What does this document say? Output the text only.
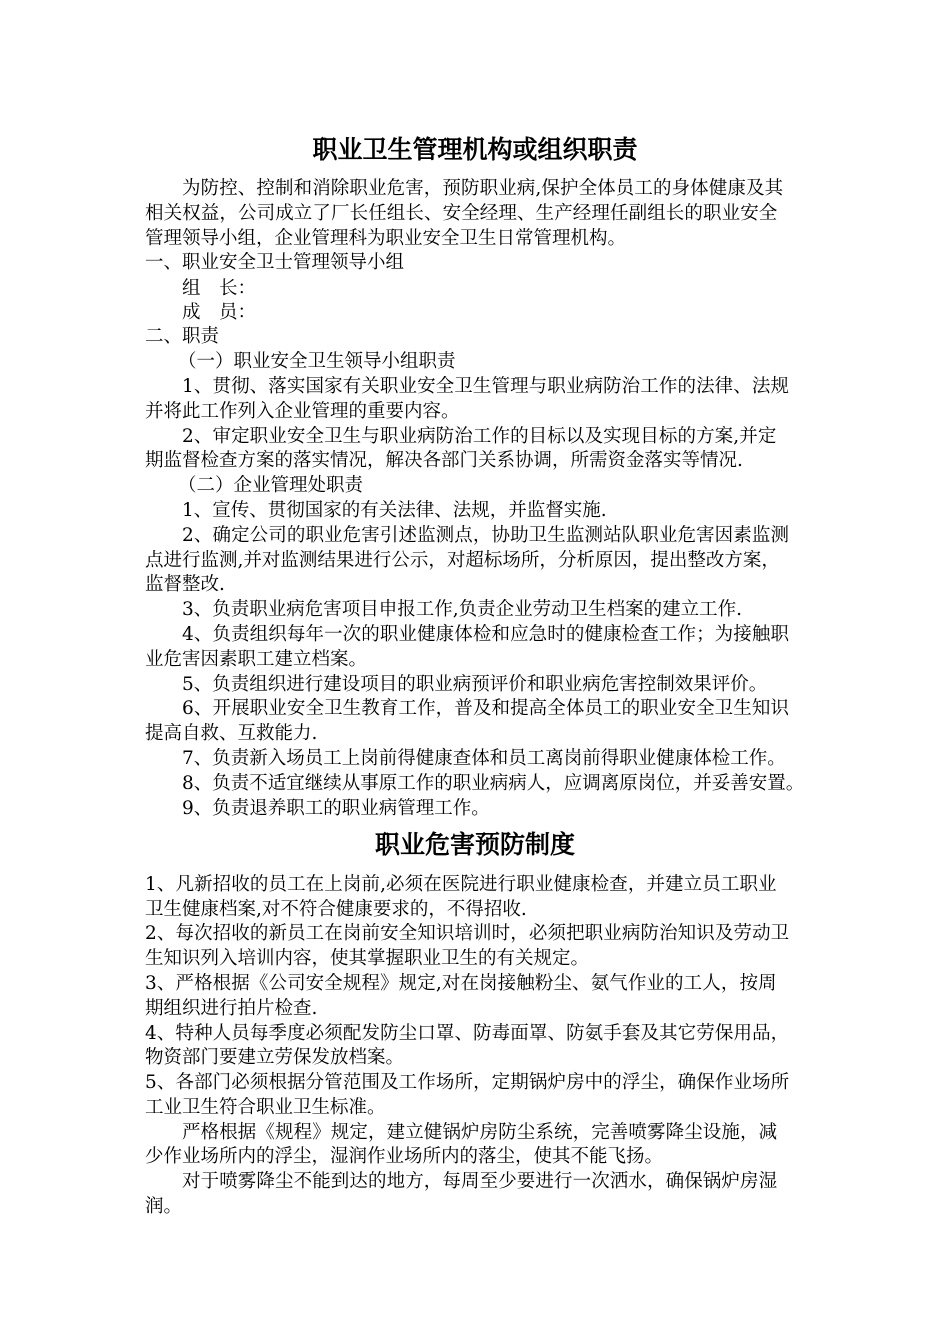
职业卫生管理机构或组织职责
为防控、控制和消除职业危害，预防职业病,保护全体员工的身体健康及其
相关权益，公司成立了厂长任组长、安全经理、生产经理任副组长的职业安全
管理领导小组，企业管理科为职业安全卫生日常管理机构。
一、职业安全卫士管理领导小组
组　长：
成　员：
二、职责
（一）职业安全卫生领导小组职责
1、贯彻、落实国家有关职业安全卫生管理与职业病防治工作的法律、法规
并将此工作列入企业管理的重要内容。
2、审定职业安全卫生与职业病防治工作的目标以及实现目标的方案,并定
期监督检查方案的落实情况，解决各部门关系协调，所需资金落实等情况.
（二）企业管理处职责
1、宣传、贯彻国家的有关法律、法规，并监督实施.
2、确定公司的职业危害引述监测点，协助卫生监测站队职业危害因素监测
点进行监测,并对监测结果进行公示，对超标场所，分析原因，提出整改方案，
监督整改.
3、负责职业病危害项目申报工作,负责企业劳动卫生档案的建立工作.
4、负责组织每年一次的职业健康体检和应急时的健康检查工作；为接触职
业危害因素职工建立档案。
5、负责组织进行建设项目的职业病预评价和职业病危害控制效果评价。
6、开展职业安全卫生教育工作，普及和提高全体员工的职业安全卫生知识
提高自救、互救能力.
7、负责新入场员工上岗前得健康查体和员工离岗前得职业健康体检工作。
8、负责不适宜继续从事原工作的职业病病人，应调离原岗位，并妥善安置。
9、负责退养职工的职业病管理工作。
职业危害预防制度
1、凡新招收的员工在上岗前,必须在医院进行职业健康检查，并建立员工职业
卫生健康档案,对不符合健康要求的，不得招收.
2、每次招收的新员工在岗前安全知识培训时，必须把职业病防治知识及劳动卫
生知识列入培训内容，使其掌握职业卫生的有关规定。
3、严格根据《公司安全规程》规定,对在岗接触粉尘、氨气作业的工人，按周
期组织进行拍片检查.
4、特种人员每季度必须配发防尘口罩、防毒面罩、防氨手套及其它劳保用品，
物资部门要建立劳保发放档案。
5、各部门必须根据分管范围及工作场所，定期锅炉房中的浮尘，确保作业场所
工业卫生符合职业卫生标准。
严格根据《规程》规定，建立健锅炉房防尘系统，完善喷雾降尘设施，减
少作业场所内的浮尘，湿润作业场所内的落尘，使其不能飞扬。
对于喷雾降尘不能到达的地方，每周至少要进行一次洒水，确保锅炉房湿
润。
